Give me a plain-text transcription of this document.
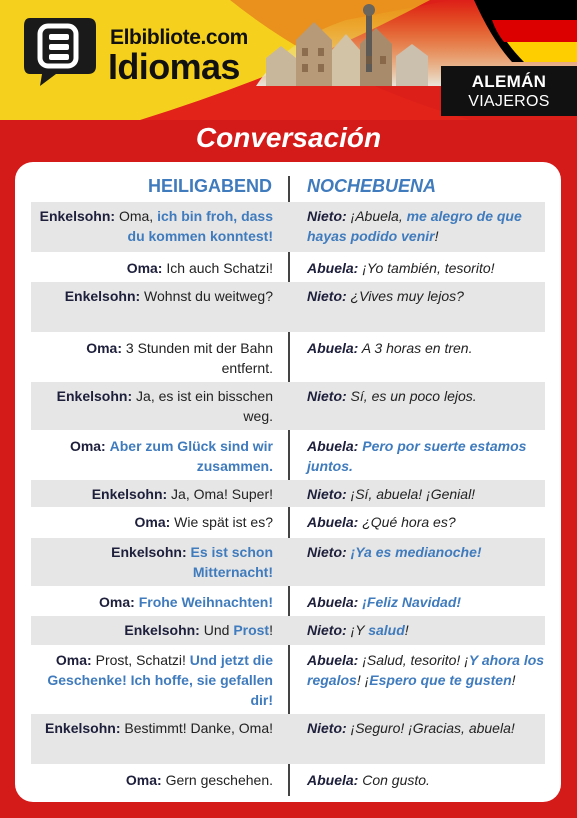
Elbibliote.com
Idiomas	ALEMÁN
VIAJEROS
Conversación
HEILIGABEND NOCHEBUENA
Enkelsohn: Oma, ich bin froh, dass du kommen konntest!
Nieto: ¡Abuela, me alegro de que hayas podido venir!
Oma: Ich auch Schatzi! Abuela: ¡Yo también, tesorito!
Enkelsohn: Wohnst du weitweg? Nieto: ¿Vives muy lejos?
Oma: 3 Stunden mit der Bahn entfernt.
Abuela: A 3 horas en tren.
Enkelsohn: Ja, es ist ein bisschen weg.
Nieto: Sí, es un poco lejos.
Oma: Aber zum Glück sind wir zusammen.
Abuela: Pero por suerte estamos juntos.
Enkelsohn: Ja, Oma! Super! Nieto: ¡Sí, abuela! ¡Genial!
Oma: Wie spät ist es? Abuela: ¿Qué hora es?
Enkelsohn: Es ist schon Mitternacht!
Nieto: ¡Ya es medianoche!
Oma: Frohe Weihnachten! Abuela: ¡Feliz Navidad!
Enkelsohn: Und Prost! Nieto: ¡Y salud!
Oma: Prost, Schatzi! Und jetzt die Geschenke! Ich hoffe, sie gefallen dir!
Abuela: ¡Salud, tesorito! ¡Y ahora los regalos! ¡Espero que te gusten!
Enkelsohn: Bestimmt! Danke, Oma! Nieto: ¡Seguro! ¡Gracias, abuela!
Oma: Gern geschehen. Abuela: Con gusto.
